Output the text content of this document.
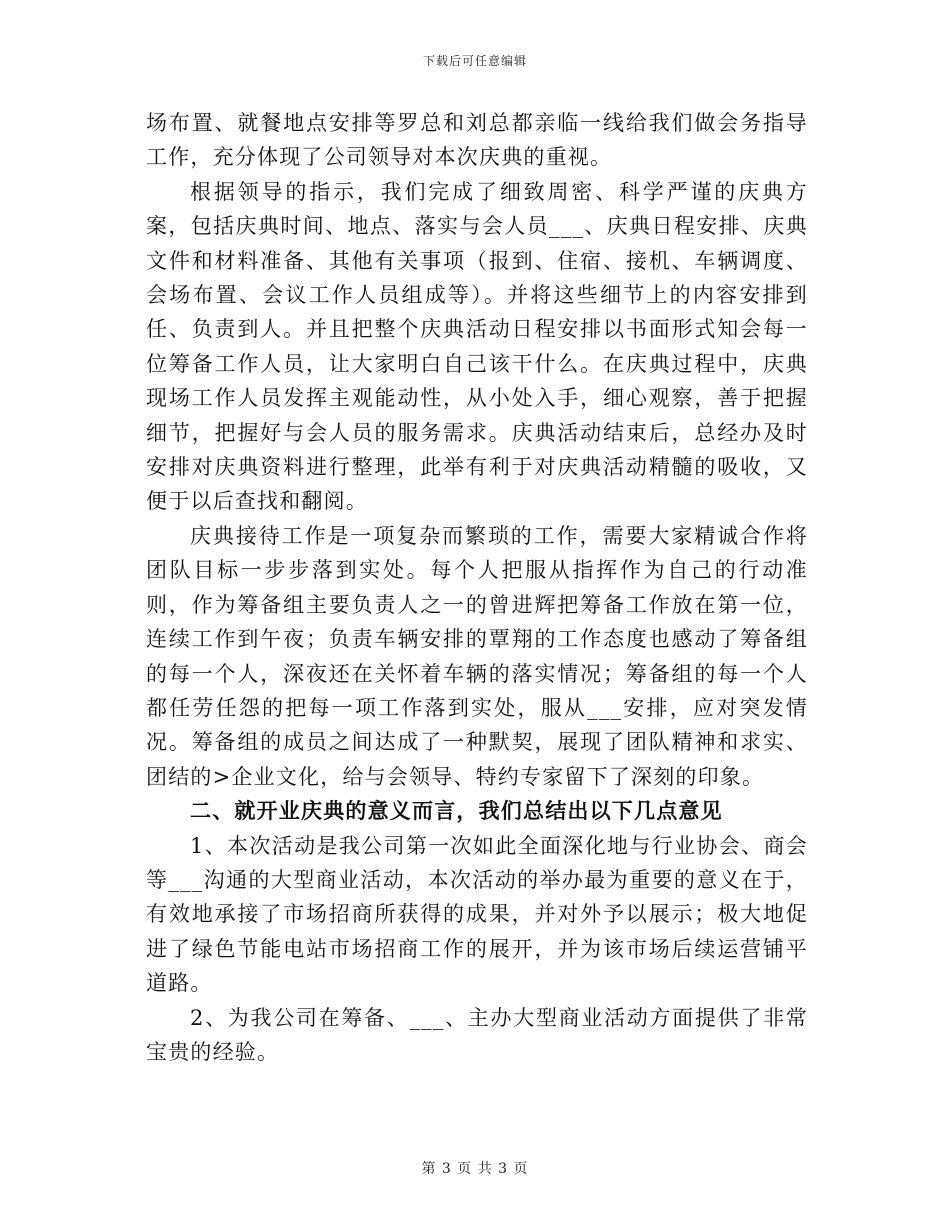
下载后可任意编辑

场布置、就餐地点安排等罗总和刘总都亲临一线给我们做会务指导工作，充分体现了公司领导对本次庆典的重视。

根据领导的指示，我们完成了细致周密、科学严谨的庆典方案，包括庆典时间、地点、落实与会人员___、庆典日程安排、庆典文件和材料准备、其他有关事项（报到、住宿、接机、车辆调度、会场布置、会议工作人员组成等）。并将这些细节上的内容安排到任、负责到人。并且把整个庆典活动日程安排以书面形式知会每一位筹备工作人员，让大家明白自己该干什么。在庆典过程中，庆典现场工作人员发挥主观能动性，从小处入手，细心观察，善于把握细节，把握好与会人员的服务需求。庆典活动结束后，总经办及时安排对庆典资料进行整理，此举有利于对庆典活动精髓的吸收，又便于以后查找和翻阅。

庆典接待工作是一项复杂而繁琐的工作，需要大家精诚合作将团队目标一步步落到实处。每个人把服从指挥作为自己的行动准则，作为筹备组主要负责人之一的曾进辉把筹备工作放在第一位，连续工作到午夜；负责车辆安排的覃翔的工作态度也感动了筹备组的每一个人，深夜还在关怀着车辆的落实情况；筹备组的每一个人都任劳任怨的把每一项工作落到实处，服从___安排，应对突发情况。筹备组的成员之间达成了一种默契，展现了团队精神和求实、团结的>企业文化，给与会领导、特约专家留下了深刻的印象。

二、就开业庆典的意义而言，我们总结出以下几点意见

1、本次活动是我公司第一次如此全面深化地与行业协会、商会等___沟通的大型商业活动，本次活动的举办最为重要的意义在于，有效地承接了市场招商所获得的成果，并对外予以展示；极大地促进了绿色节能电站市场招商工作的展开，并为该市场后续运营铺平道路。

2、为我公司在筹备、___、主办大型商业活动方面提供了非常宝贵的经验。

第 3 页 共 3 页
